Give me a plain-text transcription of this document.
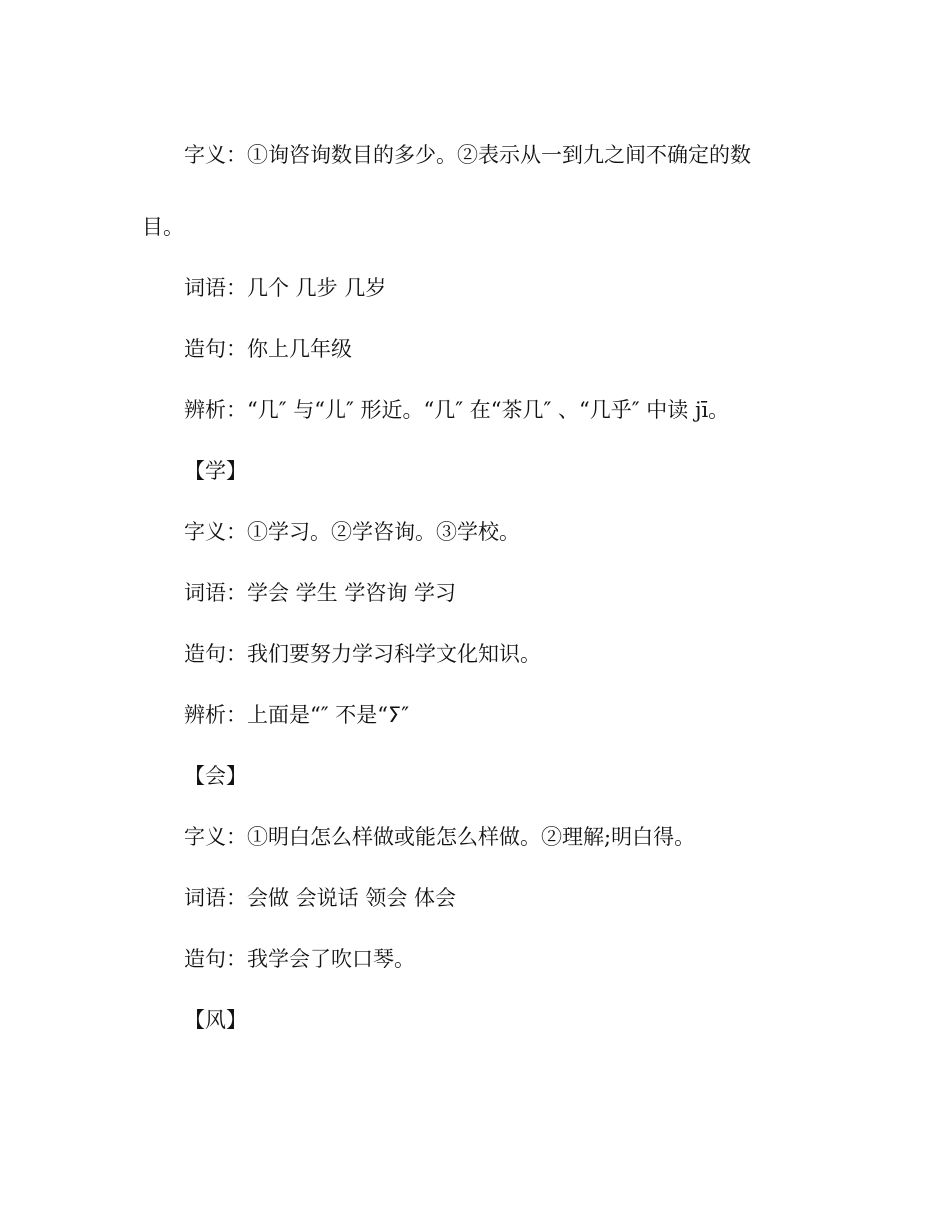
字义：①询咨询数目的多少。②表示从一到九之间不确定的数
目。
词语：几个 几步 几岁
造句：你上几年级
辨析：“几″ 与“儿″ 形近。“几″ 在“茶几″ 、“几乎″ 中读 jī。
【学】
字义：①学习。②学咨询。③学校。
词语：学会 学生 学咨询 学习
造句：我们要努力学习科学文化知识。
辨析：上面是“″ 不是“ⵢ″
【会】
字义：①明白怎么样做或能怎么样做。②理解;明白得。
词语：会做 会说话 领会 体会
造句：我学会了吹口琴。
【风】
